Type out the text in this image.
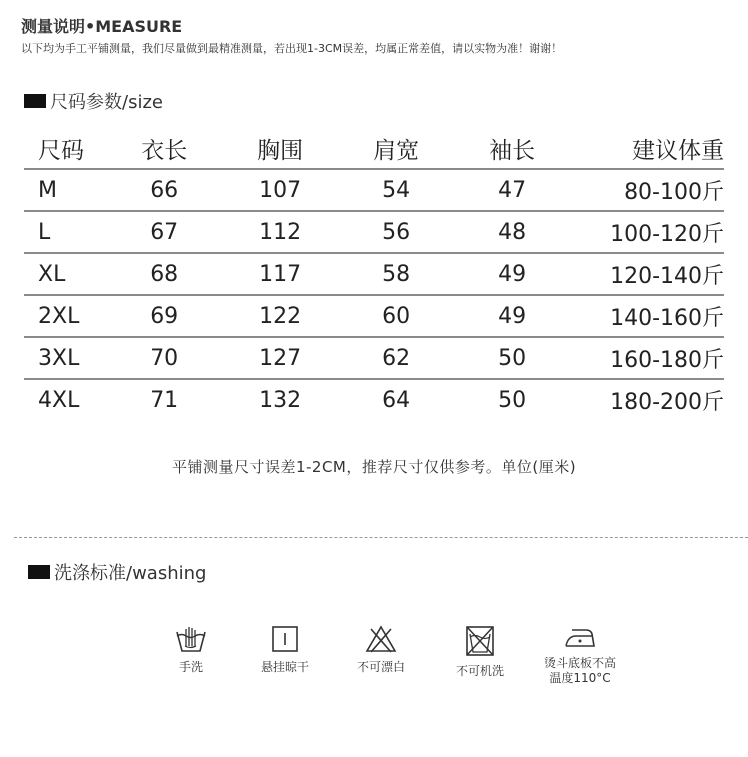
测量说明•MEASURE
以下均为手工平铺测量，我们尽量做到最精准测量，若出现1-3CM误差，均属正常差值，请以实物为准！谢谢！
尺码参数/size
尺码	衣长	胸围	肩宽	袖长	建议体重
M	66	107	54	47	80-100斤
L	67	112	56	48	100-120斤
XL	68	117	58	49	120-140斤
2XL	69	122	60	49	140-160斤
3XL	70	127	62	50	160-180斤
4XL	71	132	64	50	180-200斤
平铺测量尺寸误差1-2CM，推荐尺寸仅供参考。单位(厘米)
洗涤标准/washing
手洗	悬挂晾干	不可漂白	不可机洗
烫斗底板不高
温度110°C
